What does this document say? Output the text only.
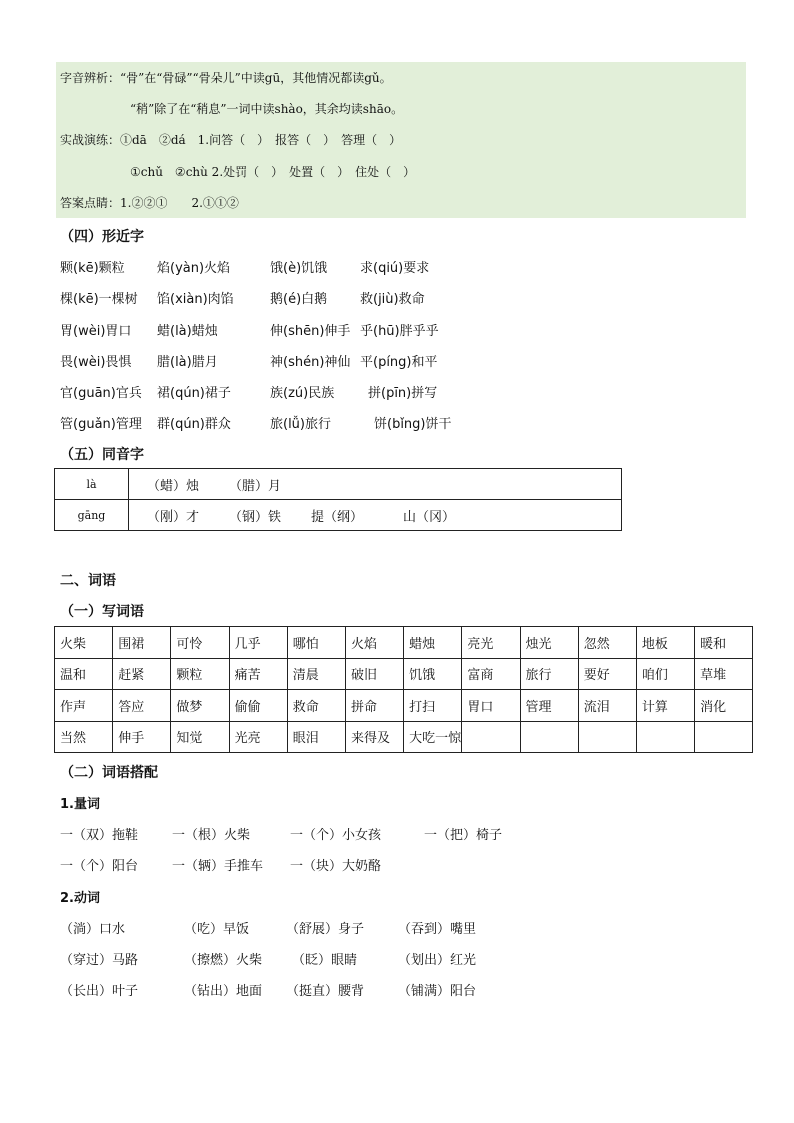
字音辨析：“骨”在“骨碌”“骨朵儿”中读gū，其他情况都读gǔ。
“稍”除了在“稍息”一词中读shào，其余均读shāo。
实战演练：①dā　②dá　1.问答（　）　报答（　）　答理（　）
①chǔ　②chù 2.处罚（　）　处置（　）　住处（　）
答案点睛：1.②②①　　2.①①②
（四）形近字
颗(kē)颗粒 焰(yàn)火焰	饿(è)饥饿	求(qiú)要求
棵(kē)一棵树 馅(xiàn)肉馅	鹅(é)白鹅	救(jiù)救命
胃(wèi)胃口 蜡(là)蜡烛	伸(shēn)伸手 乎(hū)胖乎乎
畏(wèi)畏惧 腊(là)腊月	神(shén)神仙 平(píng)和平
官(guān)官兵 裙(qún)裙子	族(zú)民族	拼(pīn)拼写
管(guǎn)管理 群(qún)群众	旅(lǚ)旅行	饼(bǐng)饼干
（五）同音字
là	（蜡）烛 （腊）月
gāng	（刚）才 （钢）铁 提（纲） 山（冈）
二、词语
（一）写词语
火柴	围裙	可怜	几乎	哪怕	火焰	蜡烛	亮光	烛光	忽然	地板	暖和
温和	赶紧	颗粒	痛苦	清晨	破旧	饥饿	富商	旅行	要好	咱们	草堆
作声	答应	做梦	偷偷	救命	拼命	打扫	胃口	管理	流泪	计算	消化
当然	伸手	知觉	光亮	眼泪	来得及	大吃一惊					
（二）词语搭配
1.量词
一（双）拖鞋	一（根）火柴	一（个）小女孩	一（把）椅子
一（个）阳台	一（辆）手推车 一（块）大奶酪
2.动词
（淌）口水	（吃）早饭	（舒展）身子	（吞到）嘴里
（穿过）马路	（擦燃）火柴 （眨）眼睛	（划出）红光
（长出）叶子	（钻出）地面 （挺直）腰背	（铺满）阳台
